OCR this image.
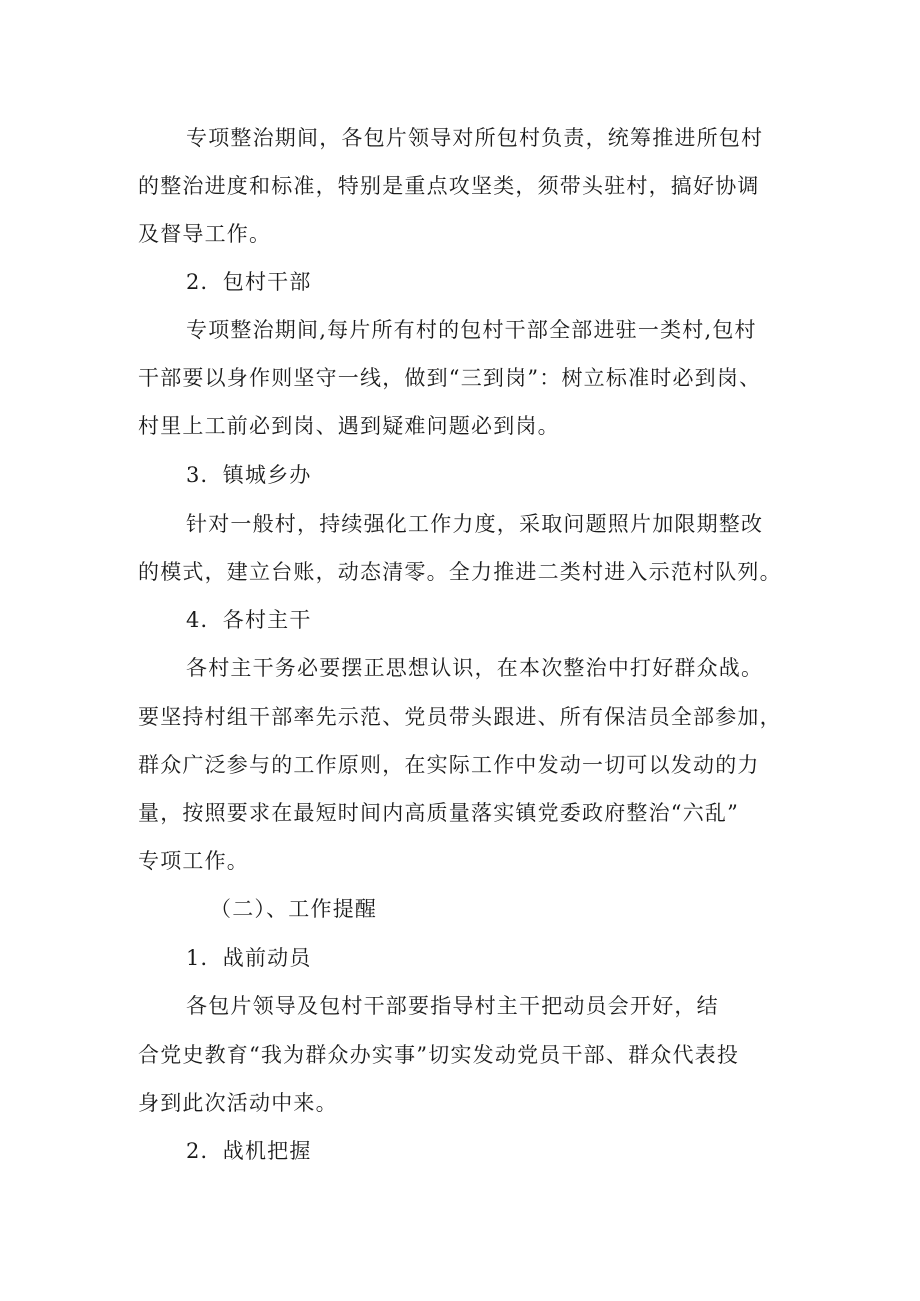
专项整治期间，各包片领导对所包村负责，统筹推进所包村
的整治进度和标准，特别是重点攻坚类，须带头驻村，搞好协调
及督导工作。
2．包村干部
专项整治期间,每片所有村的包村干部全部进驻一类村,包村
干部要以身作则坚守一线，做到“三到岗”：树立标准时必到岗、
村里上工前必到岗、遇到疑难问题必到岗。
3．镇城乡办
针对一般村，持续强化工作力度，采取问题照片加限期整改
的模式，建立台账，动态清零。全力推进二类村进入示范村队列。
4．各村主干
各村主干务必要摆正思想认识，在本次整治中打好群众战。
要坚持村组干部率先示范、党员带头跟进、所有保洁员全部参加，
群众广泛参与的工作原则，在实际工作中发动一切可以发动的力
量，按照要求在最短时间内高质量落实镇党委政府整治“六乱”
专项工作。
（二）、工作提醒
1．战前动员
各包片领导及包村干部要指导村主干把动员会开好，结
合党史教育“我为群众办实事”切实发动党员干部、群众代表投
身到此次活动中来。
2．战机把握
